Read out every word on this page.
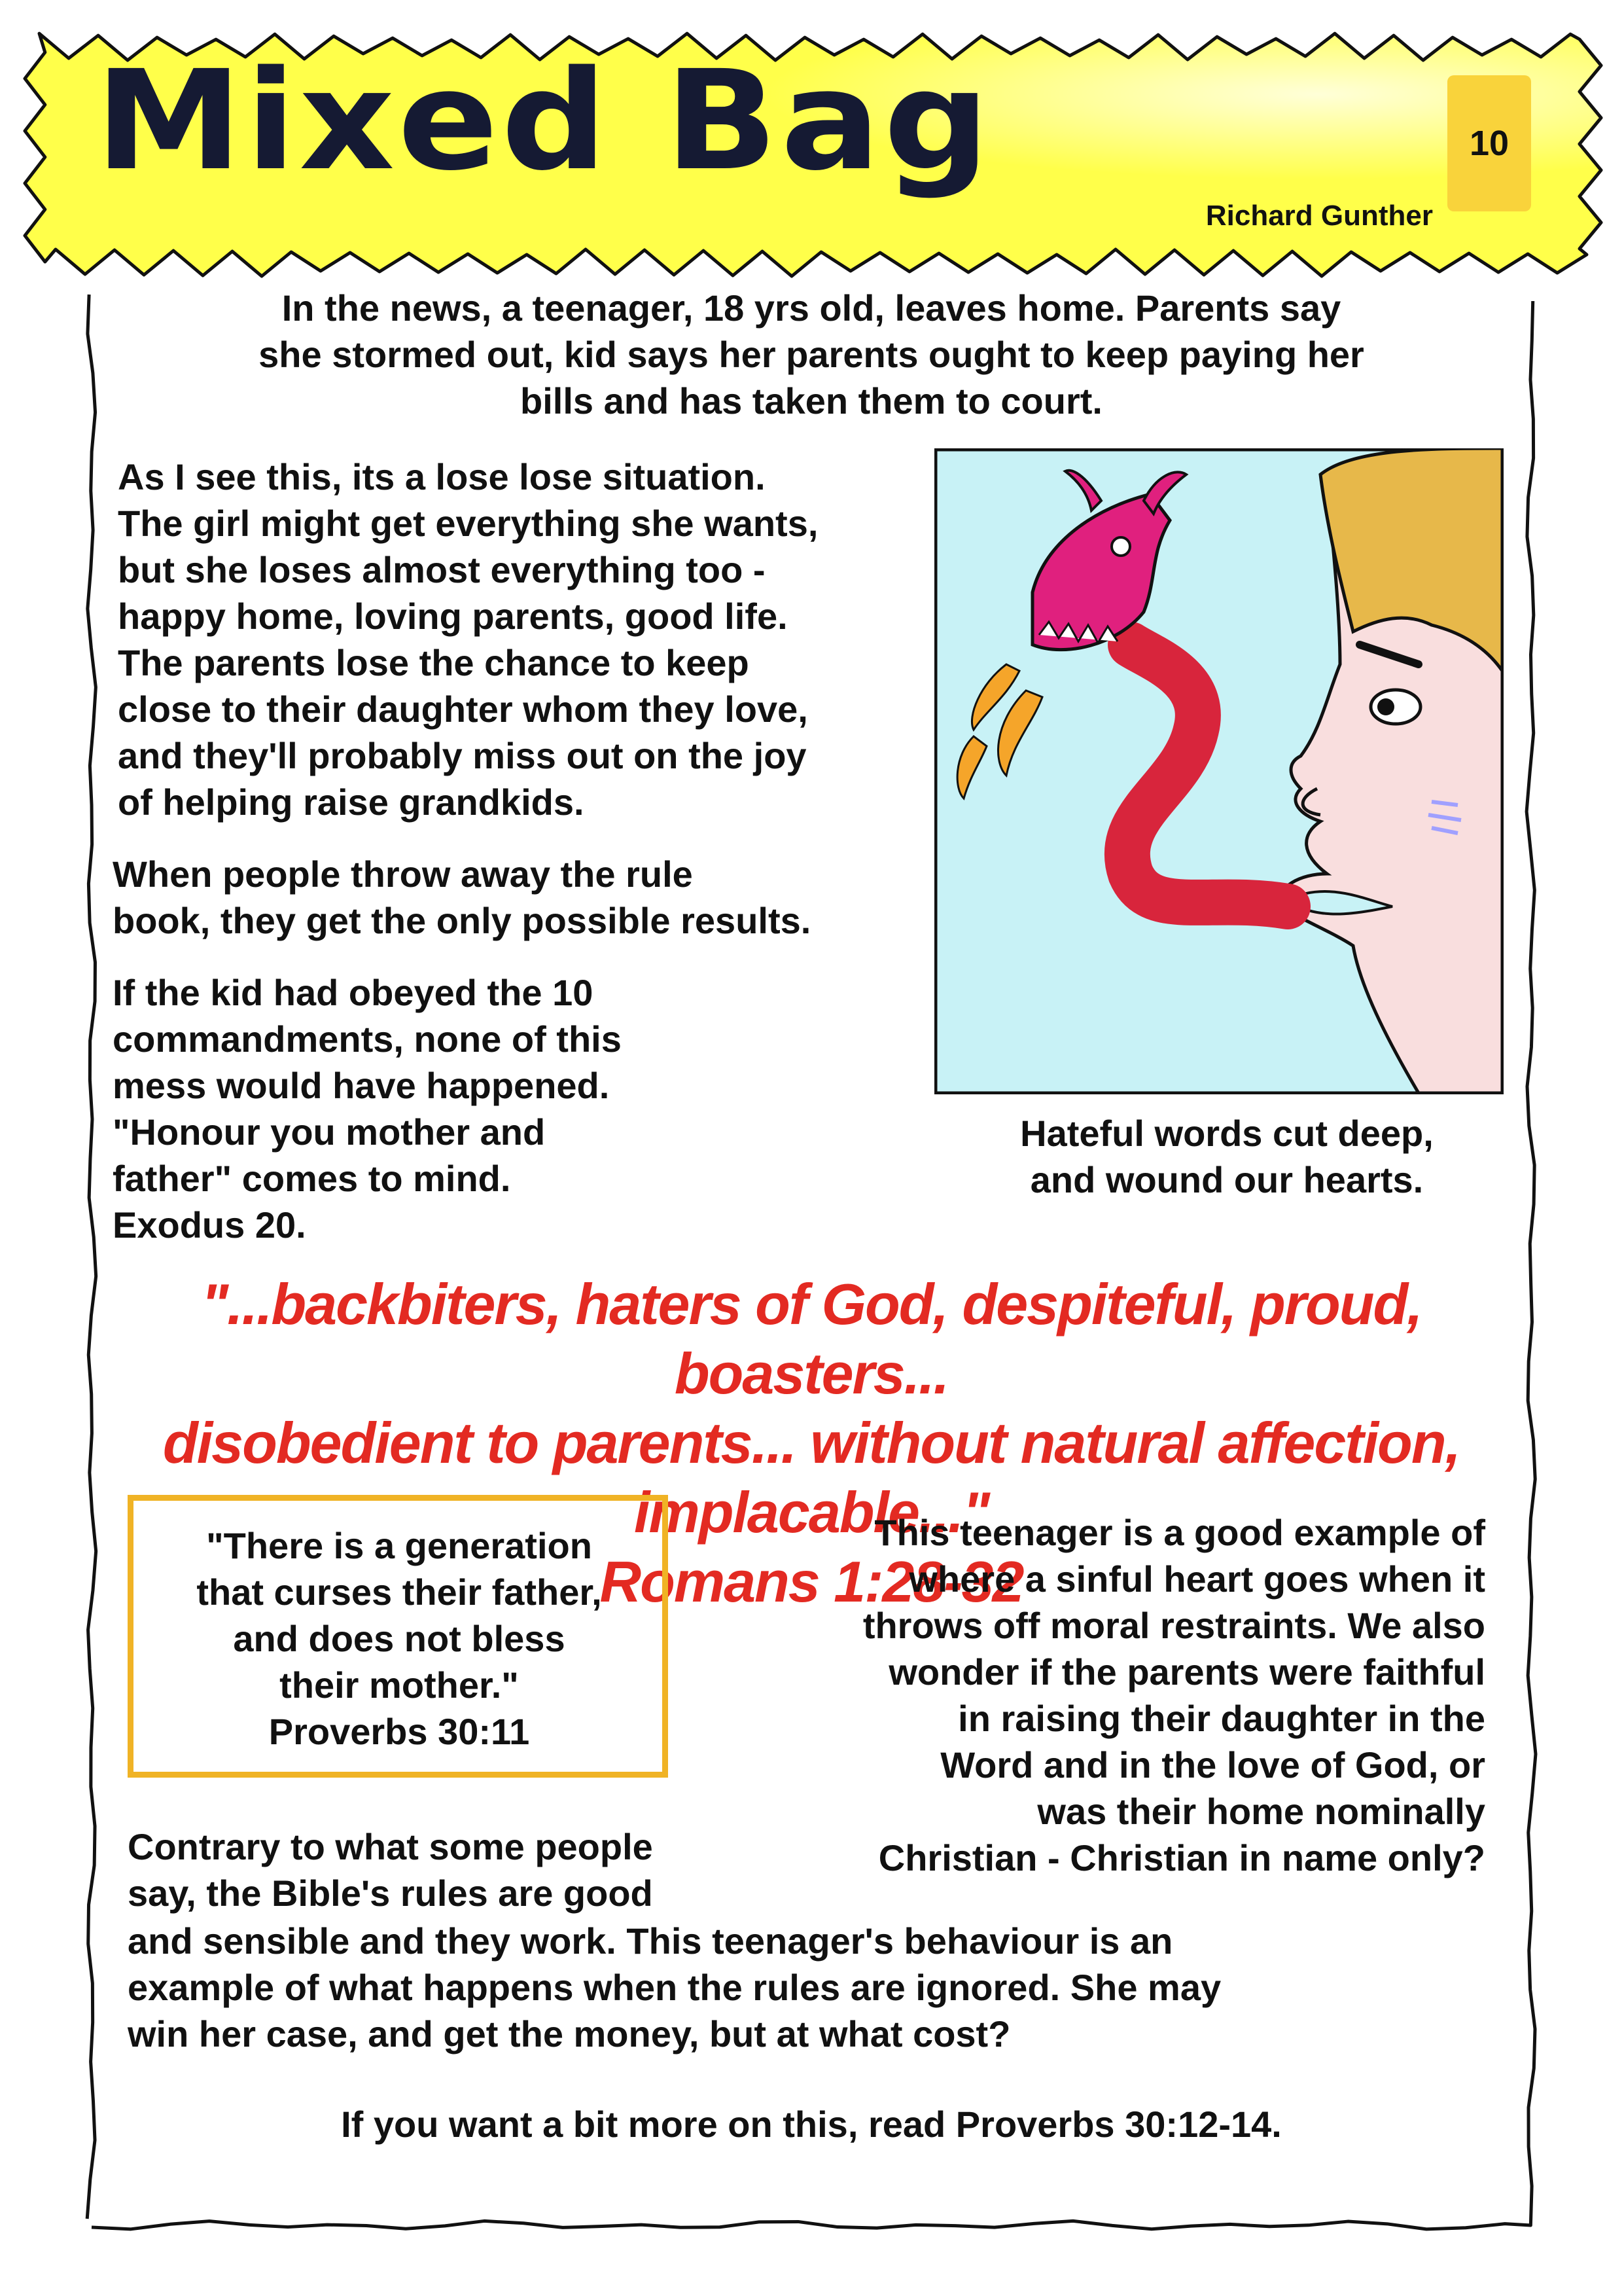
Mixed Bag	10
Richard Gunther
In the news, a teenager, 18 yrs old, leaves home. Parents say
she stormed out, kid says her parents ought to keep paying her
bills and has taken them to court.
As I see this, its a lose lose situation.
The girl might get everything she wants,
but she loses almost everything too -
happy home, loving parents, good life.
The parents lose the chance to keep
close to their daughter whom they love,
and they'll probably miss out on the joy
of helping raise grandkids.
When people throw away the rule
book, they get the only possible results.
If the kid had obeyed the 10
commandments, none of this
mess would have happened.
"Honour you mother and
father" comes to mind.
Exodus 20.
Hateful words cut deep,
and wound our hearts.
"...backbiters, haters of God, despiteful, proud, boasters...
disobedient to parents... without natural affection, implacable..."
Romans 1:28-32
"There is a generation
that curses their father,
and does not bless
their mother."
Proverbs 30:11
This teenager is a good example of
where a sinful heart goes when it
throws off moral restraints. We also
wonder if the parents were faithful
in raising their daughter in the
Word and in the love of God, or
was their home nominally
Christian - Christian in name only?
Contrary to what some people
say, the Bible's rules are good
and sensible and they work. This teenager's behaviour is an
example of what happens when the rules are ignored. She may
win her case, and get the money, but at what cost?
If you want a bit more on this, read Proverbs 30:12-14.
